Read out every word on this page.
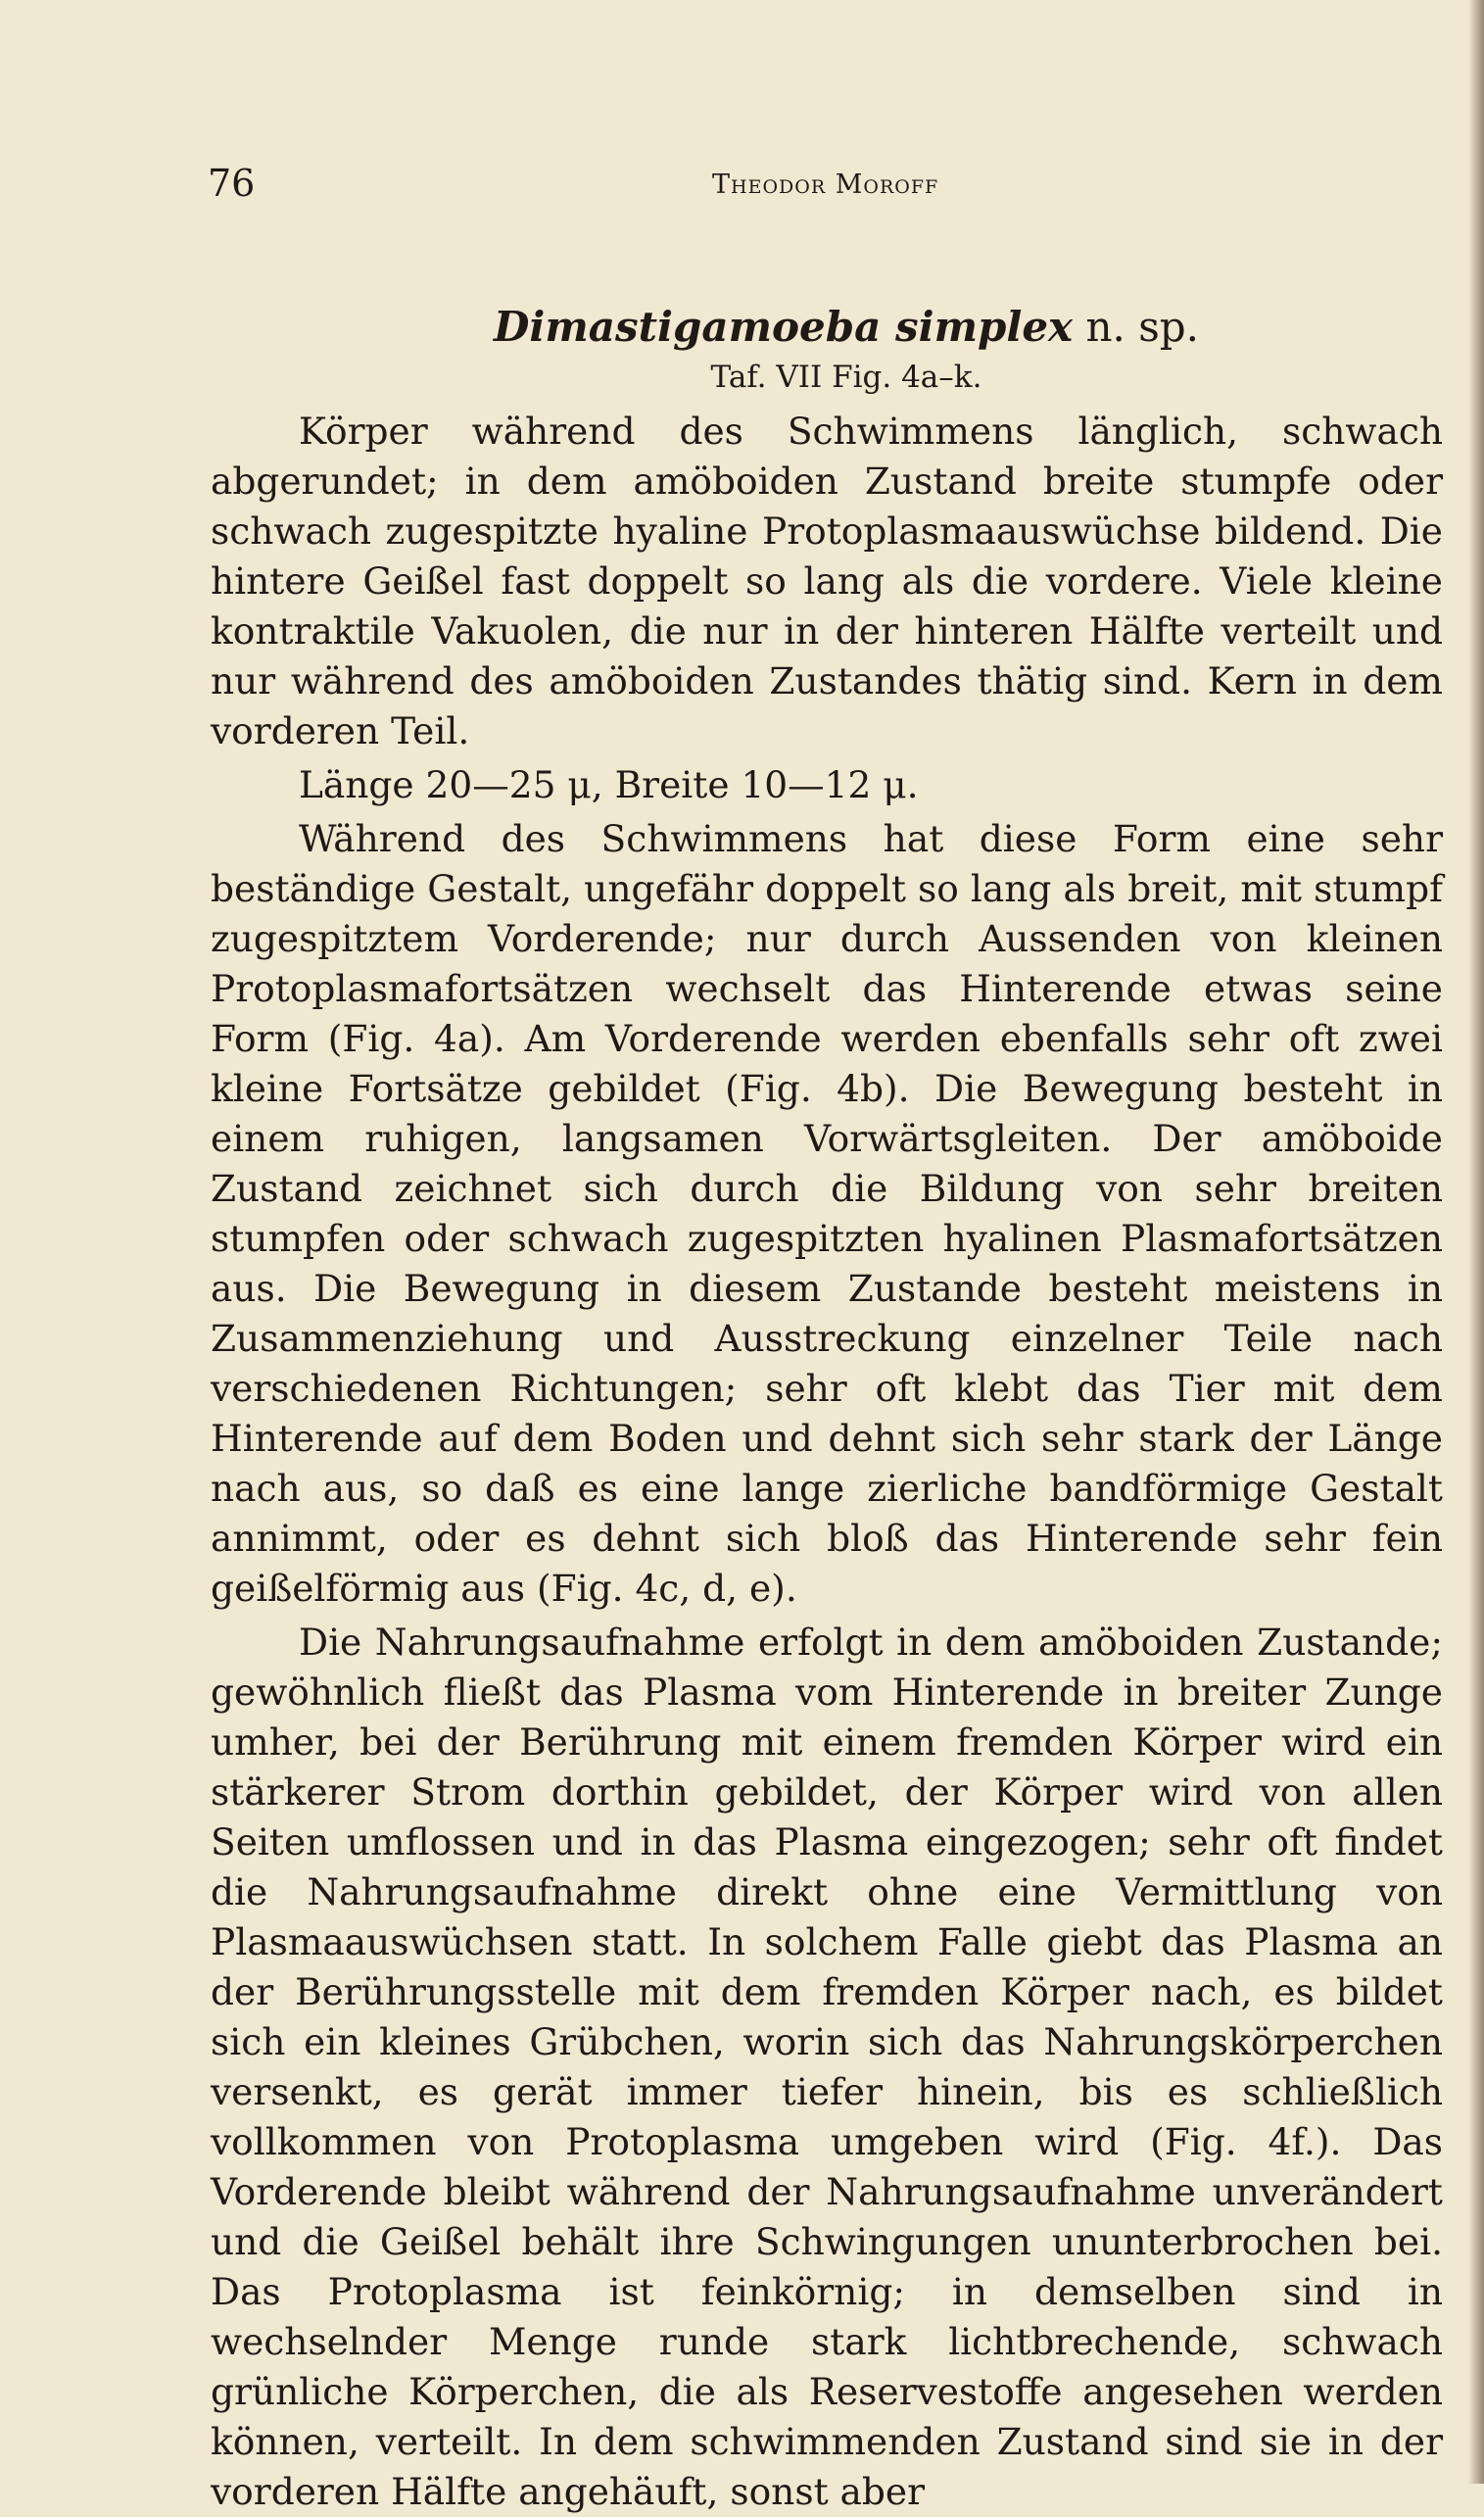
76	Theodor Moroff
Dimastigamoeba simplex n. sp.

Taf. VII Fig. 4a–k.

Körper während des Schwimmens länglich, schwach abgerundet; in dem amöboiden Zustand breite stumpfe oder schwach zugespitzte hyaline Protoplasmaauswüchse bildend. Die hintere Geißel fast doppelt so lang als die vordere. Viele kleine kontraktile Vakuolen, die nur in der hinteren Hälfte verteilt und nur während des amöboiden Zustandes thätig sind. Kern in dem vorderen Teil.

Länge 20—25 μ, Breite 10—12 μ.

Während des Schwimmens hat diese Form eine sehr beständige Gestalt, ungefähr doppelt so lang als breit, mit stumpf zugespitztem Vorderende; nur durch Aussenden von kleinen Protoplasmafortsätzen wechselt das Hinterende etwas seine Form (Fig. 4a). Am Vorderende werden ebenfalls sehr oft zwei kleine Fortsätze gebildet (Fig. 4b). Die Bewegung besteht in einem ruhigen, langsamen Vorwärtsgleiten. Der amöboide Zustand zeichnet sich durch die Bildung von sehr breiten stumpfen oder schwach zugespitzten hyalinen Plasmafortsätzen aus. Die Bewegung in diesem Zustande besteht meistens in Zusammenziehung und Ausstreckung einzelner Teile nach verschiedenen Richtungen; sehr oft klebt das Tier mit dem Hinterende auf dem Boden und dehnt sich sehr stark der Länge nach aus, so daß es eine lange zierliche bandförmige Gestalt annimmt, oder es dehnt sich bloß das Hinterende sehr fein geißelförmig aus (Fig. 4c, d, e).

Die Nahrungsaufnahme erfolgt in dem amöboiden Zustande; gewöhnlich fließt das Plasma vom Hinterende in breiter Zunge umher, bei der Berührung mit einem fremden Körper wird ein stärkerer Strom dorthin gebildet, der Körper wird von allen Seiten umflossen und in das Plasma eingezogen; sehr oft findet die Nahrungsaufnahme direkt ohne eine Vermittlung von Plasmaauswüchsen statt. In solchem Falle giebt das Plasma an der Berührungsstelle mit dem fremden Körper nach, es bildet sich ein kleines Grübchen, worin sich das Nahrungskörperchen versenkt, es gerät immer tiefer hinein, bis es schließlich vollkommen von Protoplasma umgeben wird (Fig. 4f.). Das Vorderende bleibt während der Nahrungsaufnahme unverändert und die Geißel behält ihre Schwingungen ununterbrochen bei. Das Protoplasma ist feinkörnig; in demselben sind in wechselnder Menge runde stark lichtbrechende, schwach grünliche Körperchen, die als Reservestoffe angesehen werden können, verteilt. In dem schwimmenden Zustand sind sie in der vorderen Hälfte angehäuft, sonst aber
